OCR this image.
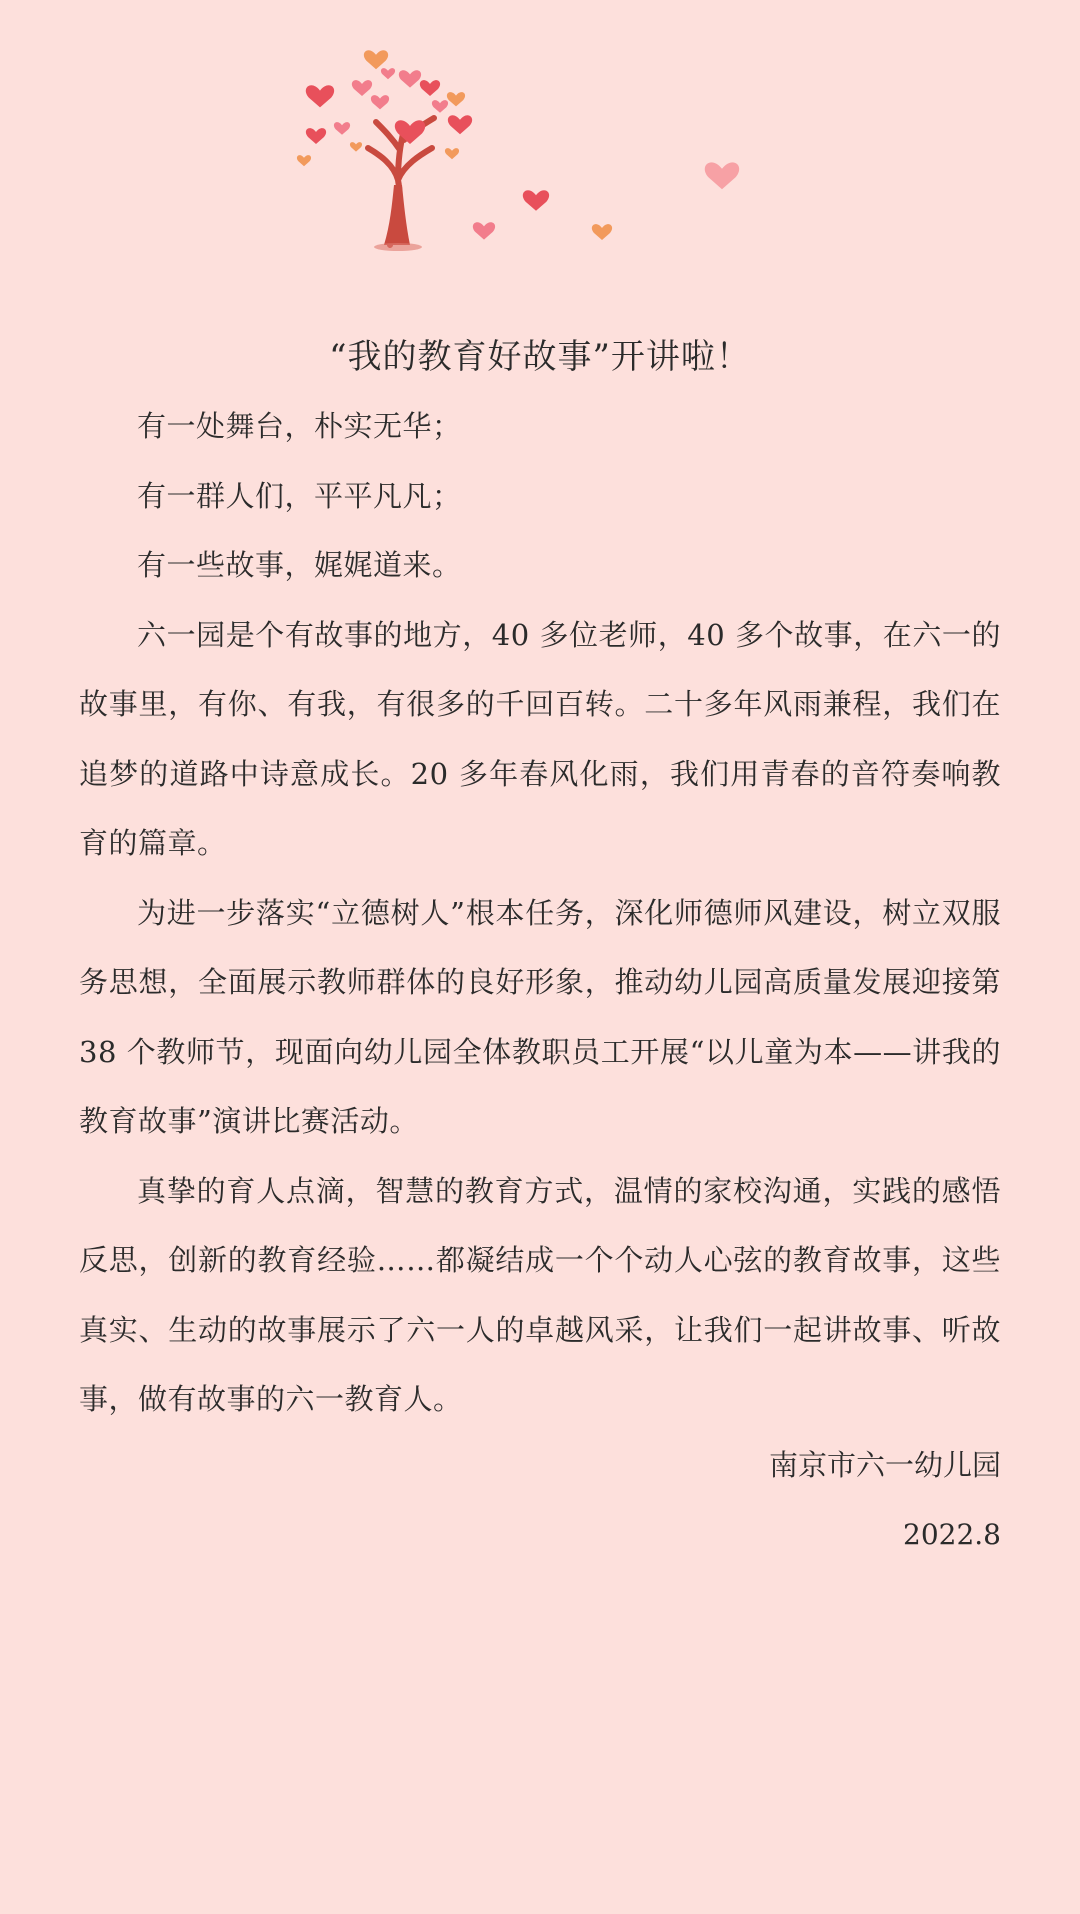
“我的教育好故事”开讲啦！

有一处舞台，朴实无华；

有一群人们，平平凡凡；

有一些故事，娓娓道来。

六一园是个有故事的地方，40 多位老师，40 多个故事，在六一的故事里，有你、有我，有很多的千回百转。二十多年风雨兼程，我们在追梦的道路中诗意成长。20 多年春风化雨，我们用青春的音符奏响教育的篇章。

为进一步落实“立德树人”根本任务，深化师德师风建设，树立双服务思想，全面展示教师群体的良好形象，推动幼儿园高质量发展迎接第 38 个教师节，现面向幼儿园全体教职员工开展“以儿童为本——讲我的教育故事”演讲比赛活动。

真挚的育人点滴，智慧的教育方式，温情的家校沟通，实践的感悟反思，创新的教育经验……都凝结成一个个动人心弦的教育故事，这些真实、生动的故事展示了六一人的卓越风采，让我们一起讲故事、听故事，做有故事的六一教育人。

南京市六一幼儿园
2022.8
